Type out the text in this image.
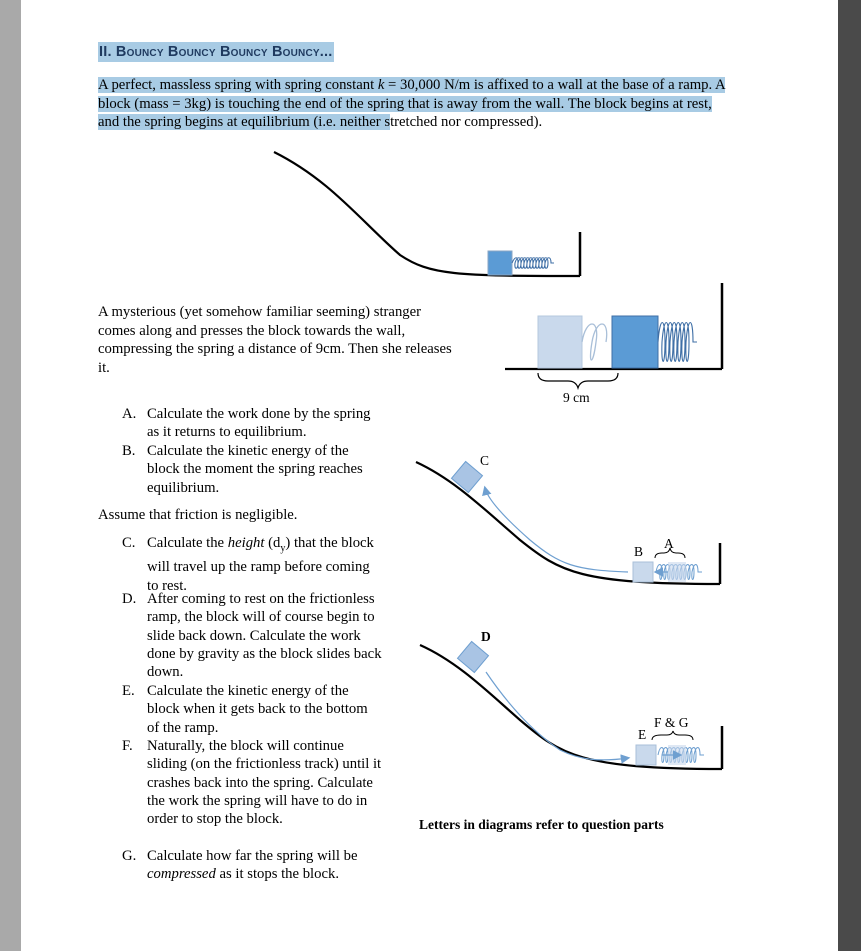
II. Bouncy Bouncy Bouncy Bouncy...

A perfect, massless spring with spring constant k = 30,000 N/m is affixed to a wall at the base of a ramp. A block (mass = 3kg) is touching the end of the spring that is away from the wall. The block begins at rest, and the spring begins at equilibrium (i.e. neither stretched nor compressed).

A mysterious (yet somehow familiar seeming) stranger comes along and presses the block towards the wall, compressing the spring a distance of 9cm. Then she releases it.

A. Calculate the work done by the spring as it returns to equilibrium.
B. Calculate the kinetic energy of the block the moment the spring reaches equilibrium.

Assume that friction is negligible.

C. Calculate the height $(d_y)$ that the block will travel up the ramp before coming to rest.
D. After coming to rest on the frictionless ramp, the block will of course begin to slide back down. Calculate the work done by gravity as the block slides back down.
E. Calculate the kinetic energy of the block when it gets back to the bottom of the ramp.
F. Naturally, the block will continue sliding (on the frictionless track) until it crashes back into the spring. Calculate the work the spring will have to do in order to stop the block.
G. Calculate how far the spring will be compressed as it stops the block.

Letters in diagrams refer to question parts

9 cm
C
B
A
D
E
F & G
